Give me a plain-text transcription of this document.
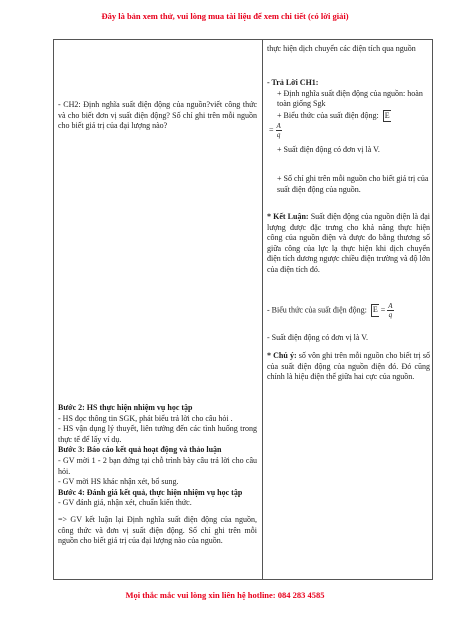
Đây là bản xem thử, vui lòng mua tài liệu để xem chi tiết (có lời giải)
- CH2: Định nghĩa suất điện động của nguồn?viết công thức và cho biết đơn vị suất điện động? Số chỉ ghi trên mỗi nguồn cho biết giá trị của đại lượng nào?

Bước 2: HS thực hiện nhiệm vụ học tập

- HS đọc thông tin SGK, phát biểu trả lời cho câu hỏi .

- HS vận dụng lý thuyết, liên tưởng đến các tình huống trong thực tế để lấy ví dụ.

Bước 3: Báo cáo kết quả hoạt động và thảo luận

- GV mời 1 - 2 bạn đứng tại chỗ trình bày câu trả lời cho câu hỏi.

- GV mời HS khác nhận xét, bổ sung.

Bước 4: Đánh giá kết quả, thực hiện nhiệm vụ học tập

- GV đánh giá, nhận xét, chuẩn kiến thức.

=> GV kết luận lại Định nghĩa suất điện động của nguồn, công thức và đơn vị suất điện động. Số chỉ ghi trên mỗi nguồn cho biết giá trị của đại lượng nào của nguồn.

thực hiện dịch chuyển các điện tích qua nguồn

- Trả Lời CH1:

+ Định nghĩa suất điện động của nguồn: hoàn toàn giống Sgk

+ Biểu thức của suất điện động: E

= $\frac{A}{q}$

+ Suất điện động có đơn vị là V.

+ Số chỉ ghi trên mỗi nguồn cho biết giá trị của suất điện động của nguồn.

* Kết Luận: Suất điện động của nguồn điện là đại lượng được đặc trưng cho khả năng thực hiện công của nguồn điện và được đo bằng thương số giữa công của lực lạ thực hiện khi dịch chuyển điện tích dương ngược chiều điện trường và độ lớn của điện tích đó.
- Biểu thức của suất điện động: $E = \frac{A}{q}$
- Suất điện động có đơn vị là V.
* Chú ý: số vôn ghi trên mỗi nguồn cho biết trị số của suất điện động của nguồn điện đó. Đó cũng chính là hiệu điện thế giữa hai cực của nguồn.
Mọi thắc mắc vui lòng xin liên hệ hotline: 084 283 4585
